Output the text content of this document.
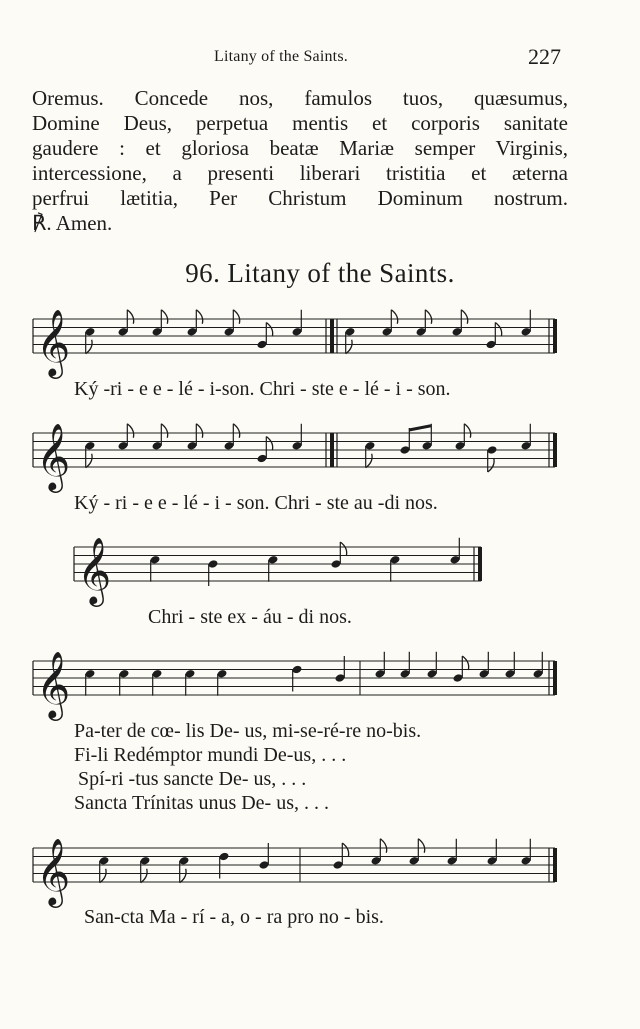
Litany of the Saints.	227
Oremus. Concede nos, famulos tuos, quæsumus,
Domine Deus, perpetua mentis et corporis sanitate
gaudere : et gloriosa beatæ Mariæ semper Virginis,
intercessione, a presenti liberari tristitia et æterna
perfrui lætitia, Per Christum Dominum nostrum.
℟. Amen.
96. Litany of the Saints.
𝄞
𝄞
𝄞
𝄞
𝄞
Ký -ri - e e - lé - i-son. Chri - ste e - lé - i - son.
Ký - ri - e e - lé - i - son. Chri - ste au -di nos.
Chri - ste ex - áu - di nos.
Pa-ter de cœ- lis De- us, mi-se-ré-re no-bis.
Fi-li Redémptor mundi De-us, . . .
Spí-ri -tus sancte De- us, . . .
Sancta Trínitas unus De- us, . . .
San-cta Ma - rí - a, o - ra pro no - bis.
